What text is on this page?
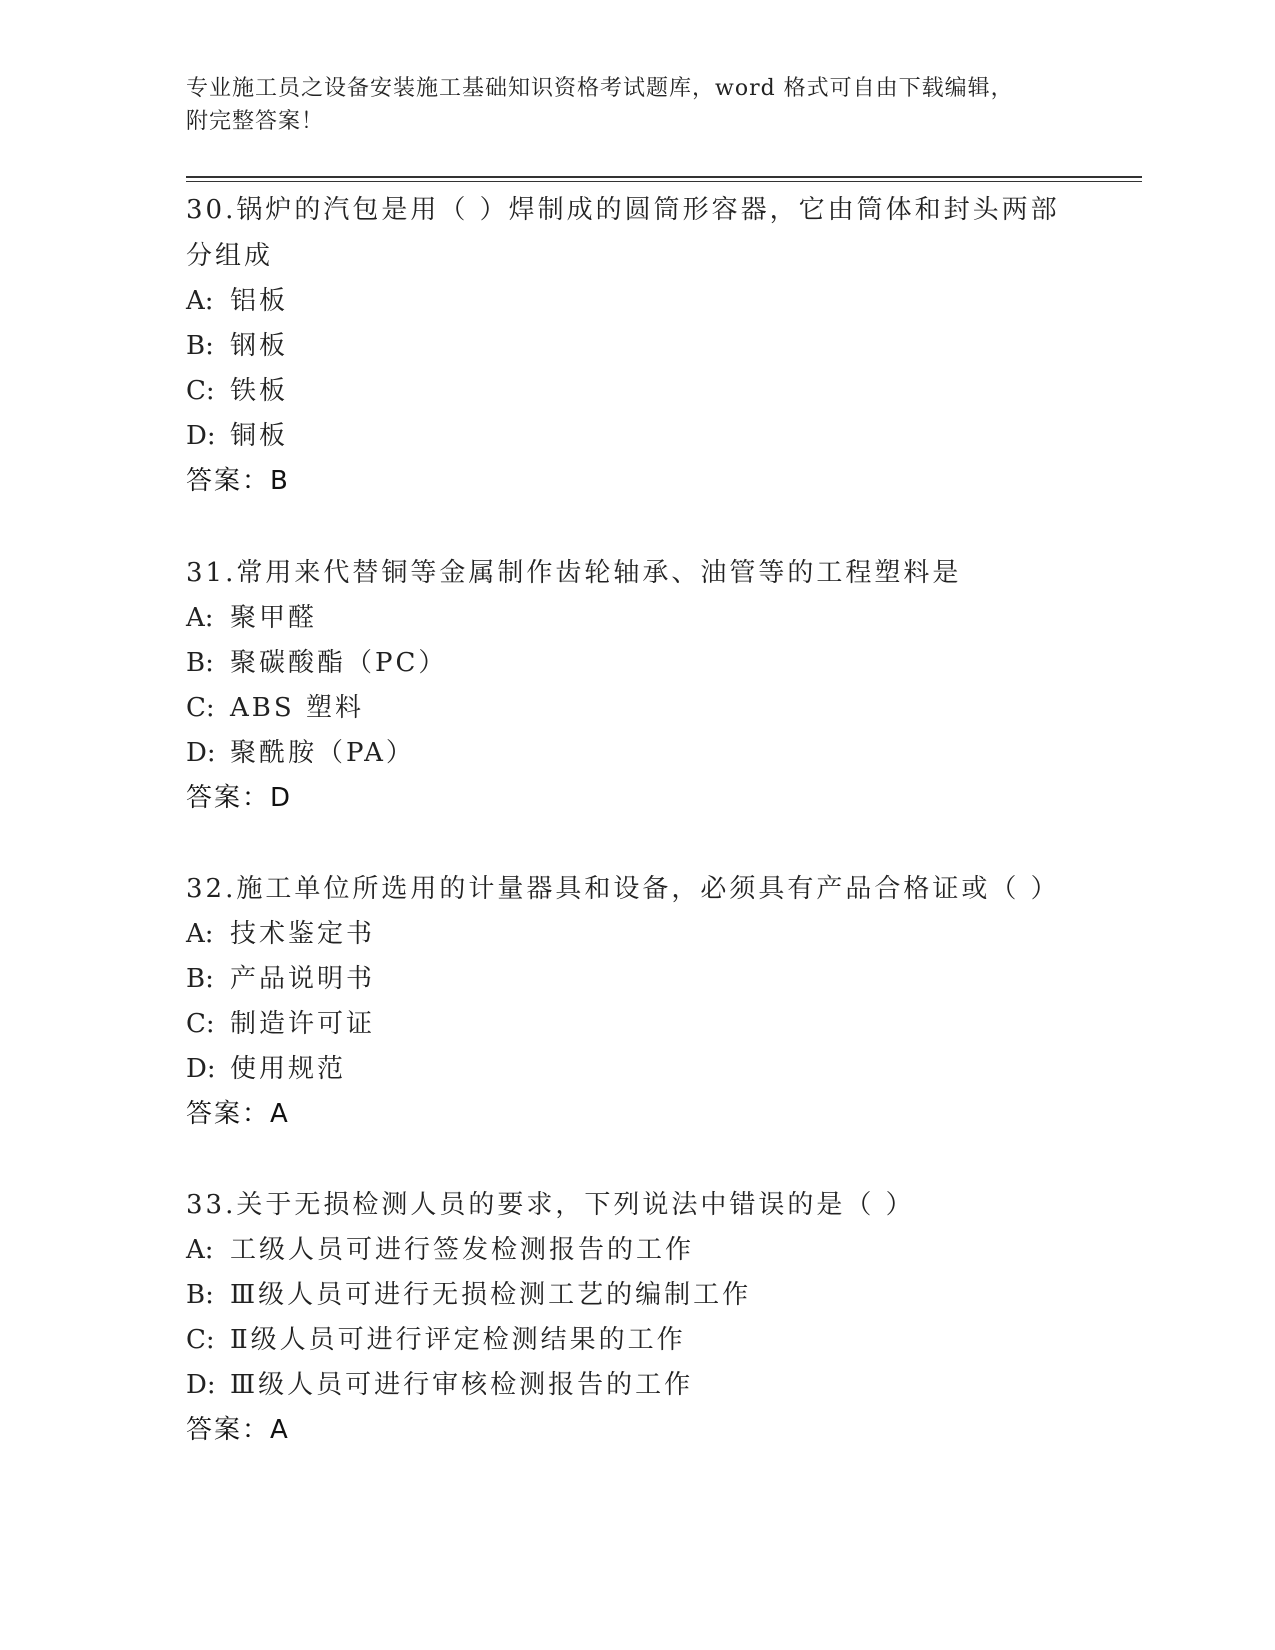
专业施工员之设备安装施工基础知识资格考试题库，word 格式可自由下载编辑，
附完整答案！
30.锅炉的汽包是用（ ）焊制成的圆筒形容器，它由筒体和封头两部
分组成
A: 铝板
B: 钢板
C: 铁板
D: 铜板
答案：B
31.常用来代替铜等金属制作齿轮轴承、油管等的工程塑料是
A: 聚甲醛
B: 聚碳酸酯（PC）
C: ABS 塑料
D: 聚酰胺（PA）
答案：D
32.施工单位所选用的计量器具和设备，必须具有产品合格证或（ ）
A: 技术鉴定书
B: 产品说明书
C: 制造许可证
D: 使用规范
答案：A
33.关于无损检测人员的要求，下列说法中错误的是（ ）
A: 工级人员可进行签发检测报告的工作
B: Ⅲ级人员可进行无损检测工艺的编制工作
C: Ⅱ级人员可进行评定检测结果的工作
D: Ⅲ级人员可进行审核检测报告的工作
答案：A
